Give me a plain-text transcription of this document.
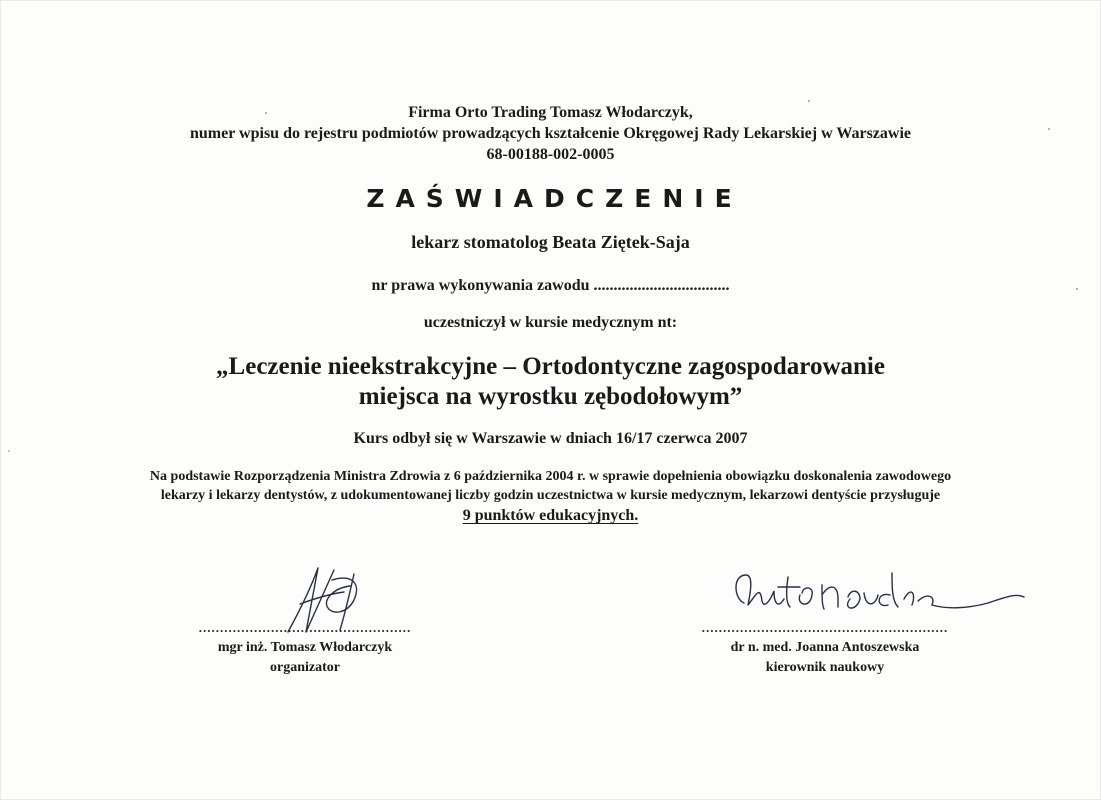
Firma Orto Trading Tomasz Włodarczyk,
numer wpisu do rejestru podmiotów prowadzących kształcenie Okręgowej Rady Lekarskiej w Warszawie
68-00188-002-0005
ZAŚWIADCZENIE
lekarz stomatolog Beata Ziętek-Saja
nr prawa wykonywania zawodu ..................................
uczestniczył w kursie medycznym nt:
„Leczenie nieekstrakcyjne – Ortodontyczne zagospodarowanie
miejsca na wyrostku zębodołowym”
Kurs odbył się w Warszawie w dniach 16/17 czerwca 2007
Na podstawie Rozporządzenia Ministra Zdrowia z 6 października 2004 r. w sprawie dopełnienia obowiązku doskonalenia zawodowego
lekarzy i lekarzy dentystów, z udokumentowanej liczby godzin uczestnictwa w kursie medycznym, lekarzowi dentyście przysługuje
9 punktów edukacyjnych.
..................................................
mgr inż. Tomasz Włodarczyk
organizator
..........................................................
dr n. med. Joanna Antoszewska
kierownik naukowy
